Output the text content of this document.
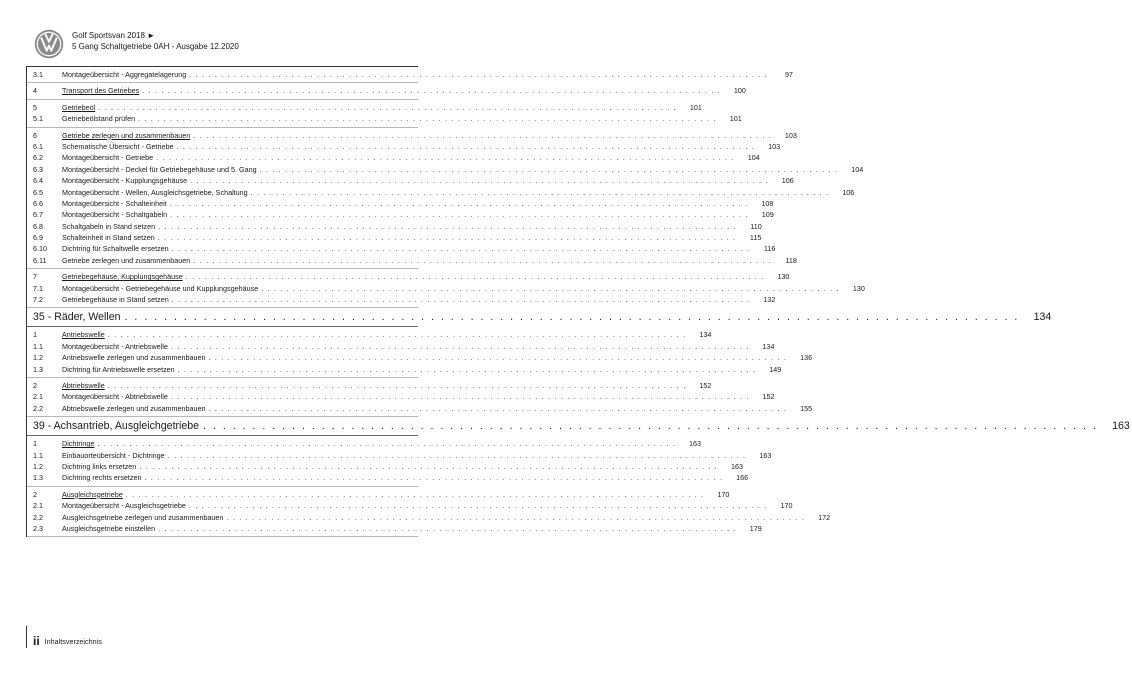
Golf Sportsvan 2018 ►
5 Gang Schaltgetriebe 0AH - Ausgabe 12.2020
3.1	Montageübersicht - Aggregatelagerung . . . . . . . . . . . . . . . . . . . . . . . . . . . . . . . . . . . . . . . . . . . . . . . . . . . . . . . . . . . . . . . . . . . . . . . . . . . . . . . . . . . . . . . . . . .	97
4	Transport des Getriebes . . . . . . . . . . . . . . . . . . . . . . . . . . . . . . . . . . . . . . . . . . . . . . . . . . . . . . . . . . . . . . . . . . . . . . . . . . . . . . . . . . . . . . . . . . .	100
5	Getriebeöl . . . . . . . . . . . . . . . . . . . . . . . . . . . . . . . . . . . . . . . . . . . . . . . . . . . . . . . . . . . . . . . . . . . . . . . . . . . . . . . . . . . . . . . . . . .	101
5.1	Getriebeölstand prüfen . . . . . . . . . . . . . . . . . . . . . . . . . . . . . . . . . . . . . . . . . . . . . . . . . . . . . . . . . . . . . . . . . . . . . . . . . . . . . . . . . . . . . . . . . . .	101
6	Getriebe zerlegen und zusammenbauen . . . . . . . . . . . . . . . . . . . . . . . . . . . . . . . . . . . . . . . . . . . . . . . . . . . . . . . . . . . . . . . . . . . . . . . . . . . . . . . . . . . . . . . . . . .	103
6.1	Schematische Übersicht - Getriebe . . . . . . . . . . . . . . . . . . . . . . . . . . . . . . . . . . . . . . . . . . . . . . . . . . . . . . . . . . . . . . . . . . . . . . . . . . . . . . . . . . . . . . . . . . .	103
6.2	Montageübersicht - Getriebe . . . . . . . . . . . . . . . . . . . . . . . . . . . . . . . . . . . . . . . . . . . . . . . . . . . . . . . . . . . . . . . . . . . . . . . . . . . . . . . . . . . . . . . . . . .	104
6.3	Montageübersicht - Deckel für Getriebegehäuse und 5. Gang . . . . . . . . . . . . . . . . . . . . . . . . . . . . . . . . . . . . . . . . . . . . . . . . . . . . . . . . . . . . . . . . . . . . . . . . . . . . . . . . . . . . . . . . . . .	104
6.4	Montageübersicht - Kupplungsgehäuse . . . . . . . . . . . . . . . . . . . . . . . . . . . . . . . . . . . . . . . . . . . . . . . . . . . . . . . . . . . . . . . . . . . . . . . . . . . . . . . . . . . . . . . . . . .	106
6.5	Montageübersicht - Wellen, Ausgleichsgetriebe, Schaltung . . . . . . . . . . . . . . . . . . . . . . . . . . . . . . . . . . . . . . . . . . . . . . . . . . . . . . . . . . . . . . . . . . . . . . . . . . . . . . . . . . . . . . . . . . .	106
6.6	Montageübersicht - Schalteinheit . . . . . . . . . . . . . . . . . . . . . . . . . . . . . . . . . . . . . . . . . . . . . . . . . . . . . . . . . . . . . . . . . . . . . . . . . . . . . . . . . . . . . . . . . . .	108
6.7	Montageübersicht - Schaltgabeln . . . . . . . . . . . . . . . . . . . . . . . . . . . . . . . . . . . . . . . . . . . . . . . . . . . . . . . . . . . . . . . . . . . . . . . . . . . . . . . . . . . . . . . . . . .	109
6.8	Schaltgabeln in Stand setzen . . . . . . . . . . . . . . . . . . . . . . . . . . . . . . . . . . . . . . . . . . . . . . . . . . . . . . . . . . . . . . . . . . . . . . . . . . . . . . . . . . . . . . . . . . .	110
6.9	Schalteinheit in Stand setzen . . . . . . . . . . . . . . . . . . . . . . . . . . . . . . . . . . . . . . . . . . . . . . . . . . . . . . . . . . . . . . . . . . . . . . . . . . . . . . . . . . . . . . . . . . .	115
6.10	Dichtring für Schaltwelle ersetzen . . . . . . . . . . . . . . . . . . . . . . . . . . . . . . . . . . . . . . . . . . . . . . . . . . . . . . . . . . . . . . . . . . . . . . . . . . . . . . . . . . . . . . . . . . .	116
6.11	Getriebe zerlegen und zusammenbauen . . . . . . . . . . . . . . . . . . . . . . . . . . . . . . . . . . . . . . . . . . . . . . . . . . . . . . . . . . . . . . . . . . . . . . . . . . . . . . . . . . . . . . . . . . .	118
7	Getriebegehäuse, Kupplungsgehäuse . . . . . . . . . . . . . . . . . . . . . . . . . . . . . . . . . . . . . . . . . . . . . . . . . . . . . . . . . . . . . . . . . . . . . . . . . . . . . . . . . . . . . . . . . . .	130
7.1	Montageübersicht - Getriebegehäuse und Kupplungsgehäuse . . . . . . . . . . . . . . . . . . . . . . . . . . . . . . . . . . . . . . . . . . . . . . . . . . . . . . . . . . . . . . . . . . . . . . . . . . . . . . . . . . . . . . . . . . .	130
7.2	Getriebegehäuse in Stand setzen . . . . . . . . . . . . . . . . . . . . . . . . . . . . . . . . . . . . . . . . . . . . . . . . . . . . . . . . . . . . . . . . . . . . . . . . . . . . . . . . . . . . . . . . . . .	132
35 - Räder, Wellen . . . . . . . . . . . . . . . . . . . . . . . . . . . . . . . . . . . . . . . . . . . . . . . . . . . . . . . . . . . . . . . . . . . . . . . . . . . . . . . . . . . . . . . . . . .	134
1	Antriebswelle . . . . . . . . . . . . . . . . . . . . . . . . . . . . . . . . . . . . . . . . . . . . . . . . . . . . . . . . . . . . . . . . . . . . . . . . . . . . . . . . . . . . . . . . . . .	134
1.1	Montageübersicht - Antriebswelle . . . . . . . . . . . . . . . . . . . . . . . . . . . . . . . . . . . . . . . . . . . . . . . . . . . . . . . . . . . . . . . . . . . . . . . . . . . . . . . . . . . . . . . . . . .	134
1.2	Antriebswelle zerlegen und zusammenbauen . . . . . . . . . . . . . . . . . . . . . . . . . . . . . . . . . . . . . . . . . . . . . . . . . . . . . . . . . . . . . . . . . . . . . . . . . . . . . . . . . . . . . . . . . . .	136
1.3	Dichtring für Antriebswelle ersetzen . . . . . . . . . . . . . . . . . . . . . . . . . . . . . . . . . . . . . . . . . . . . . . . . . . . . . . . . . . . . . . . . . . . . . . . . . . . . . . . . . . . . . . . . . . .	149
2	Abtriebswelle . . . . . . . . . . . . . . . . . . . . . . . . . . . . . . . . . . . . . . . . . . . . . . . . . . . . . . . . . . . . . . . . . . . . . . . . . . . . . . . . . . . . . . . . . . .	152
2.1	Montageübersicht - Abtriebswelle . . . . . . . . . . . . . . . . . . . . . . . . . . . . . . . . . . . . . . . . . . . . . . . . . . . . . . . . . . . . . . . . . . . . . . . . . . . . . . . . . . . . . . . . . . .	152
2.2	Abtriebswelle zerlegen und zusammenbauen . . . . . . . . . . . . . . . . . . . . . . . . . . . . . . . . . . . . . . . . . . . . . . . . . . . . . . . . . . . . . . . . . . . . . . . . . . . . . . . . . . . . . . . . . . .	155
39 - Achsantrieb, Ausgleichgetriebe . . . . . . . . . . . . . . . . . . . . . . . . . . . . . . . . . . . . . . . . . . . . . . . . . . . . . . . . . . . . . . . . . . . . . . . . . . . . . . . . . . . . . . . . . . .	163
1	Dichtringe . . . . . . . . . . . . . . . . . . . . . . . . . . . . . . . . . . . . . . . . . . . . . . . . . . . . . . . . . . . . . . . . . . . . . . . . . . . . . . . . . . . . . . . . . . .	163
1.1	Einbauorteübersicht - Dichtringe . . . . . . . . . . . . . . . . . . . . . . . . . . . . . . . . . . . . . . . . . . . . . . . . . . . . . . . . . . . . . . . . . . . . . . . . . . . . . . . . . . . . . . . . . . .	163
1.2	Dichtring links ersetzen . . . . . . . . . . . . . . . . . . . . . . . . . . . . . . . . . . . . . . . . . . . . . . . . . . . . . . . . . . . . . . . . . . . . . . . . . . . . . . . . . . . . . . . . . . .	163
1.3	Dichtring rechts ersetzen . . . . . . . . . . . . . . . . . . . . . . . . . . . . . . . . . . . . . . . . . . . . . . . . . . . . . . . . . . . . . . . . . . . . . . . . . . . . . . . . . . . . . . . . . . .	166
2	Ausgleichsgetriebe . . . . . . . . . . . . . . . . . . . . . . . . . . . . . . . . . . . . . . . . . . . . . . . . . . . . . . . . . . . . . . . . . . . . . . . . . . . . . . . . . . . . . . . . . . .	170
2.1	Montageübersicht - Ausgleichsgetriebe . . . . . . . . . . . . . . . . . . . . . . . . . . . . . . . . . . . . . . . . . . . . . . . . . . . . . . . . . . . . . . . . . . . . . . . . . . . . . . . . . . . . . . . . . . .	170
2.2	Ausgleichsgetriebe zerlegen und zusammenbauen . . . . . . . . . . . . . . . . . . . . . . . . . . . . . . . . . . . . . . . . . . . . . . . . . . . . . . . . . . . . . . . . . . . . . . . . . . . . . . . . . . . . . . . . . . .	172
2.3	Ausgleichsgetriebe einstellen . . . . . . . . . . . . . . . . . . . . . . . . . . . . . . . . . . . . . . . . . . . . . . . . . . . . . . . . . . . . . . . . . . . . . . . . . . . . . . . . . . . . . . . . . . .	179
ii Inhaltsverzeichnis
